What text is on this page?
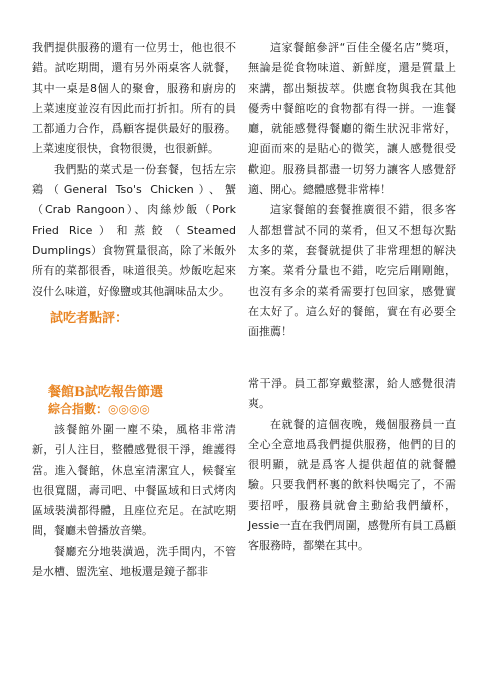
我們提供服務的還有一位男士，他也很不錯。試吃期間，還有另外兩桌客人就餐，其中一桌是8個人的聚會，服務和廚房的上菜速度並沒有因此而打折扣。所有的員工都通力合作，爲顧客提供最好的服務。上菜速度很快，食物很燙，也很新鮮。

我們點的菜式是一份套餐，包括左宗鶏（General Tso's Chicken）、蟹（Crab Rangoon）、肉絲炒飯（Pork Fried Rice）和蒸餃（Steamed Dumplings）食物質量很高，除了米飯外所有的菜都很香，味道很美。炒飯吃起來沒什么味道，好像鹽或其他調味品太少。

試吃者點評：

這家餐館參評“百佳全優名店”獎項，無論是從食物味道、新鮮度，還是質量上來講，都出類拔萃。供應食物與我在其他優秀中餐館吃的食物都有得一拼。一進餐廳，就能感覺得餐廳的衛生狀況非常好，迎面而來的是貼心的微笑，讓人感覺很受歡迎。服務員都盡一切努力讓客人感覺舒適、開心。總體感覺非常棒！

這家餐館的套餐推廣很不錯，很多客人都想嘗試不同的菜肴，但又不想每次點太多的菜，套餐就提供了非常理想的解決方案。菜肴分量也不錯，吃完后剛剛飽，也沒有多余的菜肴需要打包回家，感覺實在太好了。這么好的餐館，實在有必要全面推薦！

餐館B試吃報告節選
綜合指數：◎◎◎◎

該餐館外圍一塵不染，風格非常清新，引人注目，整體感覺很干淨，維護得當。進入餐館，休息室清潔宜人，候餐室也很寬闊，壽司吧、中餐區域和日式烤肉區域裝潢都得體，且座位充足。在試吃期間，餐廳未曾播放音樂。

餐廳充分地裝潢過，洗手間内，不管是水槽、盥洗室、地板還是鏡子都非

常干淨。員工都穿戴整潔，給人感覺很清爽。

在就餐的這個夜晚，幾個服務員一直全心全意地爲我們提供服務，他們的目的很明顯，就是爲客人提供超值的就餐體驗。只要我們杯裏的飲料快喝完了，不需要招呼，服務員就會主動給我們續杯，Jessie一直在我們周圍，感覺所有員工爲顧客服務時，都樂在其中。
